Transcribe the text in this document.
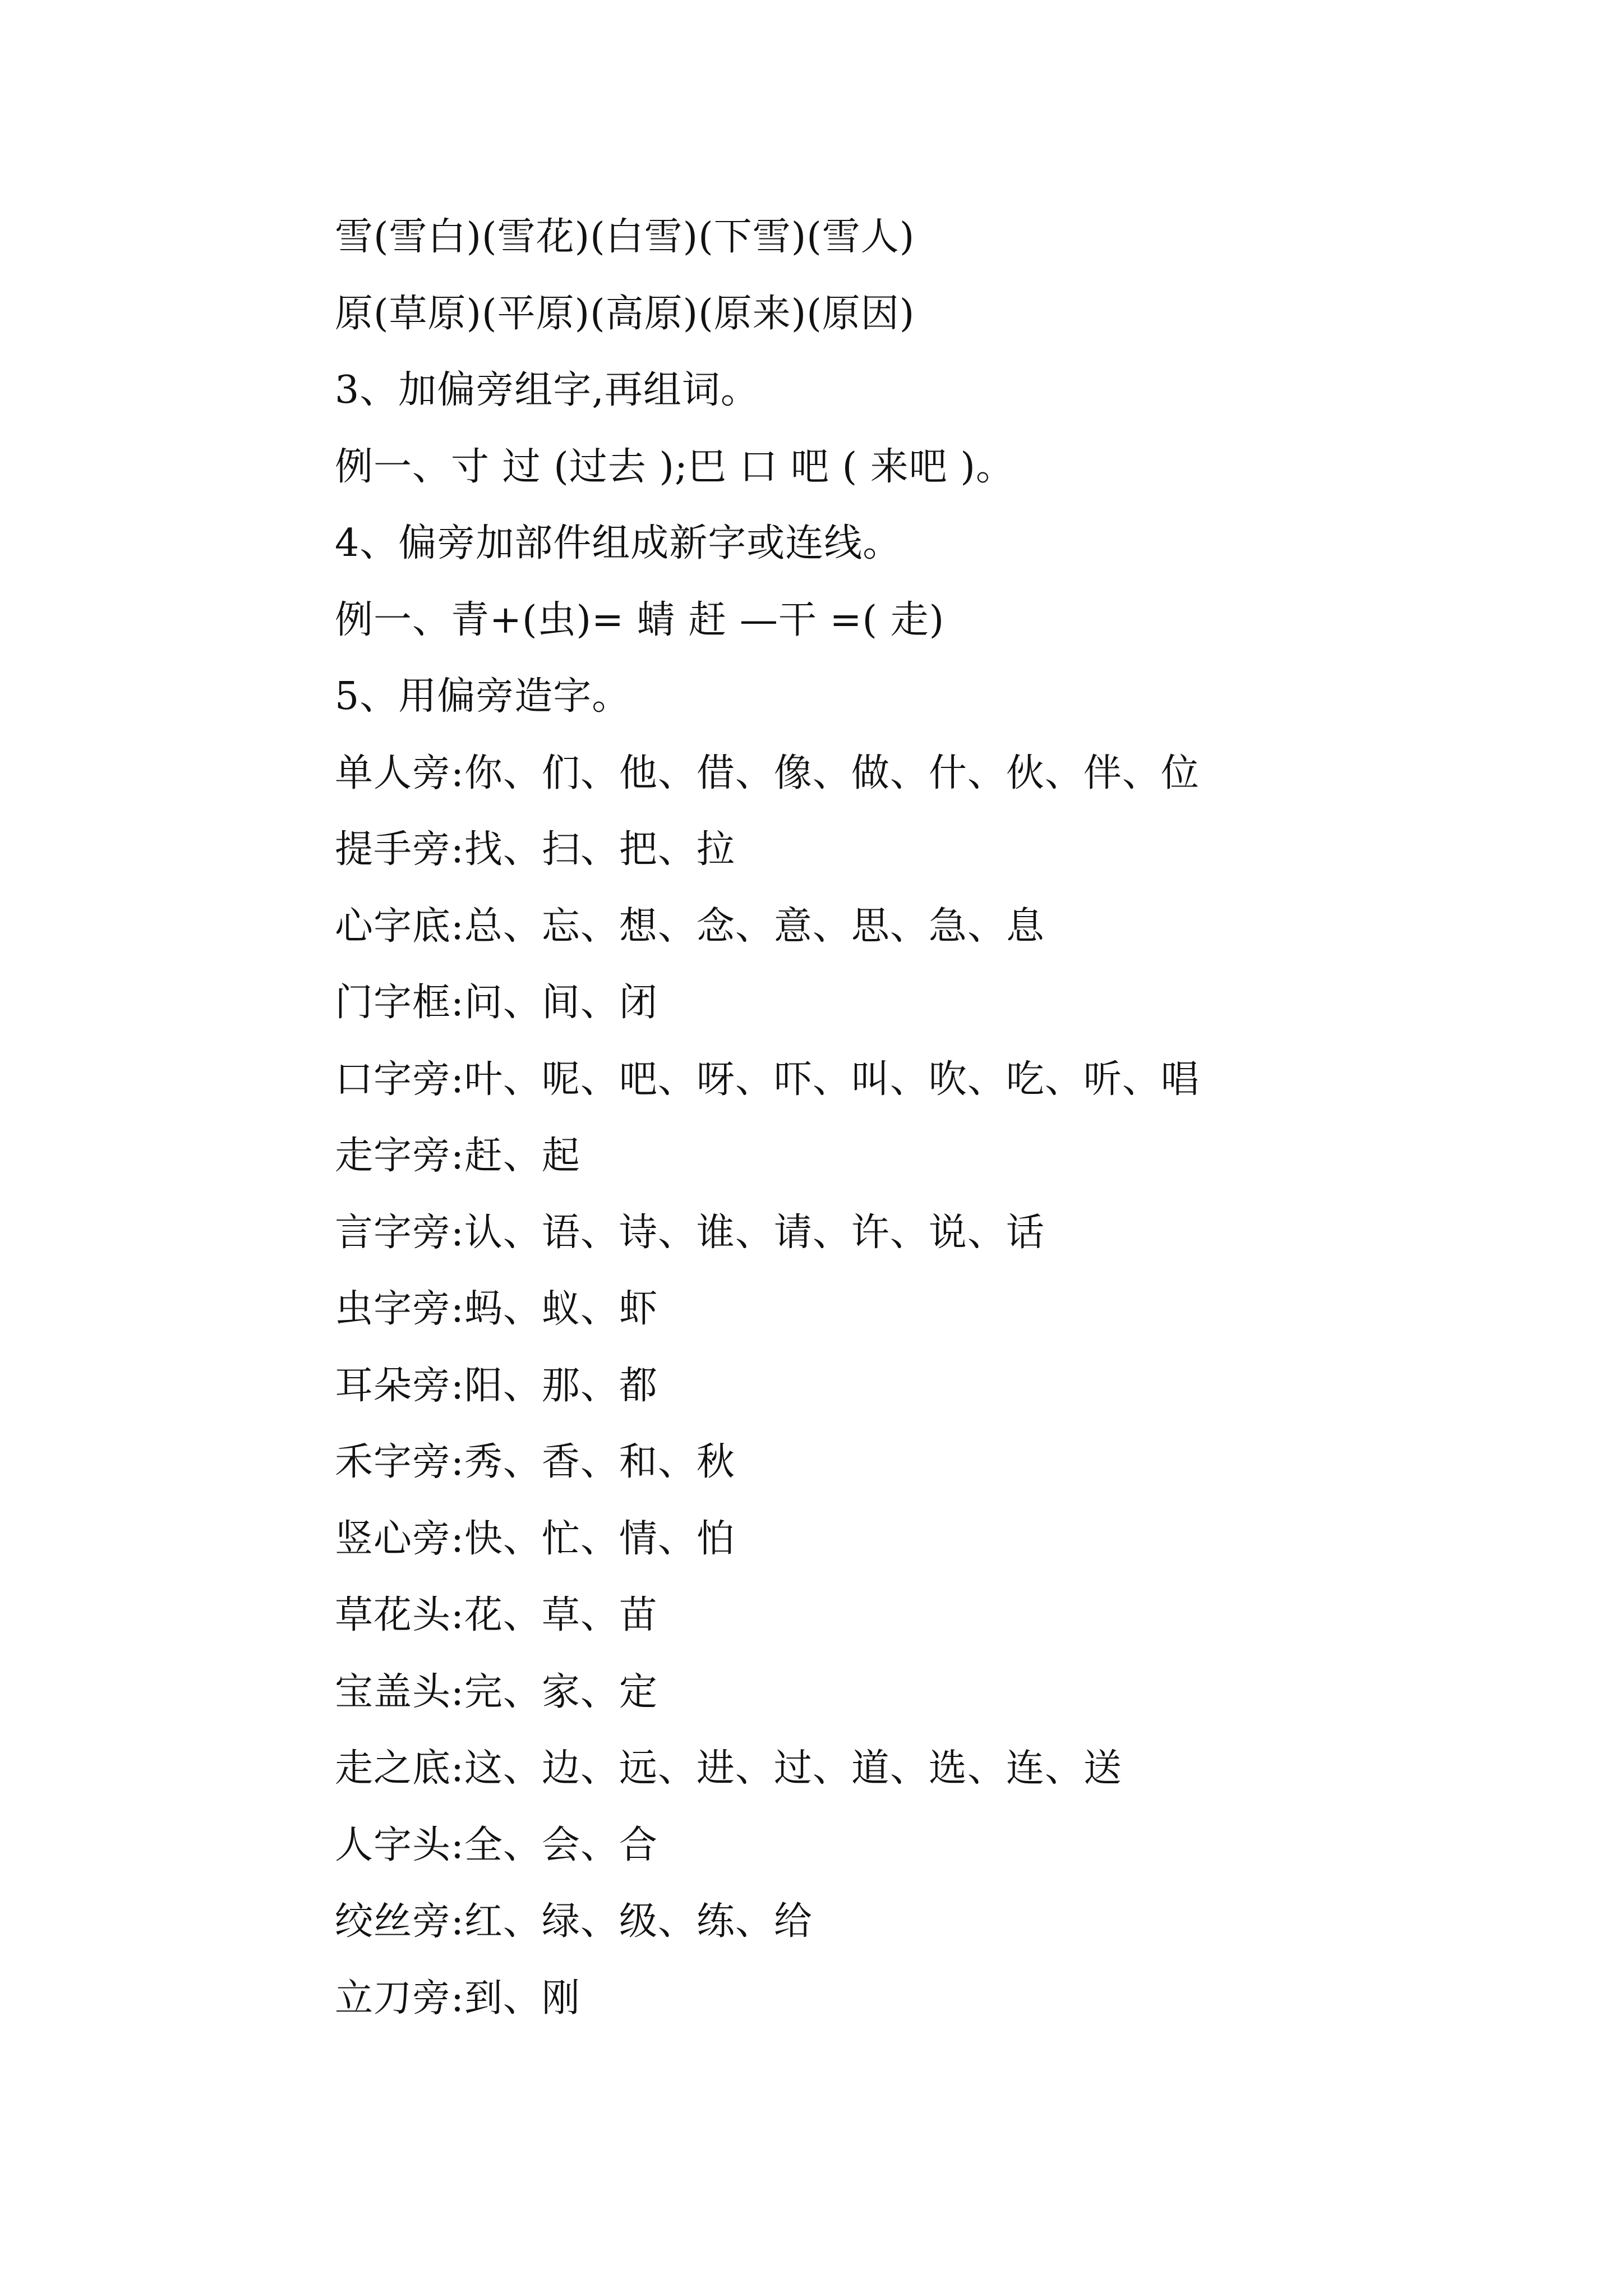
雪(雪白)(雪花)(白雪)(下雪)(雪人)
原(草原)(平原)(高原)(原来)(原因)
3、加偏旁组字,再组词。
例一、寸 过 (过去 );巴 口 吧 ( 来吧 )。
4、偏旁加部件组成新字或连线。
例一、青+(虫)= 蜻 赶 —干 =( 走)
5、用偏旁造字。
单人旁:你、们、他、借、像、做、什、伙、伴、位
提手旁:找、扫、把、拉
心字底:总、忘、想、念、意、思、急、息
门字框:问、间、闭
口字旁:叶、呢、吧、呀、吓、叫、吹、吃、听、唱
走字旁:赶、起
言字旁:认、语、诗、谁、请、许、说、话
虫字旁:蚂、蚁、虾
耳朵旁:阳、那、都
禾字旁:秀、香、和、秋
竖心旁:快、忙、情、怕
草花头:花、草、苗
宝盖头:完、家、定
走之底:这、边、远、进、过、道、选、连、送
人字头:全、会、合
绞丝旁:红、绿、级、练、给
立刀旁:到、刚
